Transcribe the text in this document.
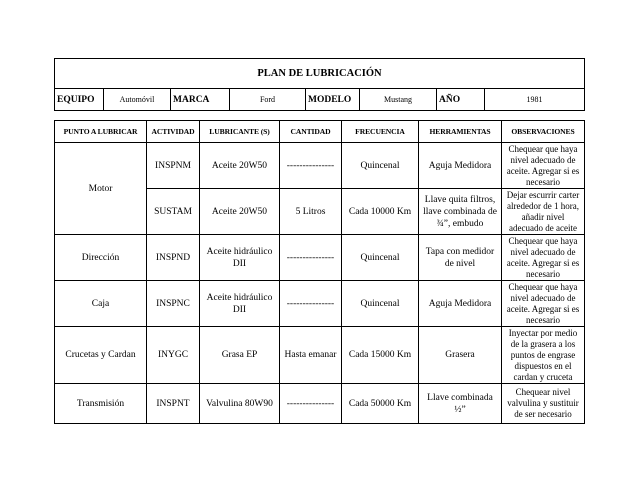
PLAN DE LUBRICACIÓN
EQUIPO	Automóvil	MARCA	Ford	MODELO	Mustang	AÑO	1981
PUNTO A LUBRICAR	ACTIVIDAD	LUBRICANTE (S)	CANTIDAD	FRECUENCIA	HERRAMIENTAS	OBSERVACIONES
Motor	INSPNM	Aceite 20W50	---------------	Quincenal	Aguja Medidora	Chequear que haya nivel adecuado de aceite. Agregar si es necesario
	SUSTAM	Aceite 20W50	5 Litros	Cada 10000 Km	Llave quita filtros, llave combinada de ¾”, embudo	Dejar escurrir carter alrededor de 1 hora, añadir nivel adecuado de aceite
Dirección	INSPND	Aceite hidráulico DII	---------------	Quincenal	Tapa con medidor de nivel	Chequear que haya nivel adecuado de aceite. Agregar si es necesario
Caja	INSPNC	Aceite hidráulico DII	---------------	Quincenal	Aguja Medidora	Chequear que haya nivel adecuado de aceite. Agregar si es necesario
Crucetas y Cardan	INYGC	Grasa EP	Hasta emanar	Cada 15000 Km	Grasera	Inyectar por medio de la grasera a los puntos de engrase dispuestos en el cardan y cruceta
Transmisión	INSPNT	Valvulina 80W90	---------------	Cada 50000 Km	Llave combinada ½”	Chequear nivel valvulina y sustituir de ser necesario
